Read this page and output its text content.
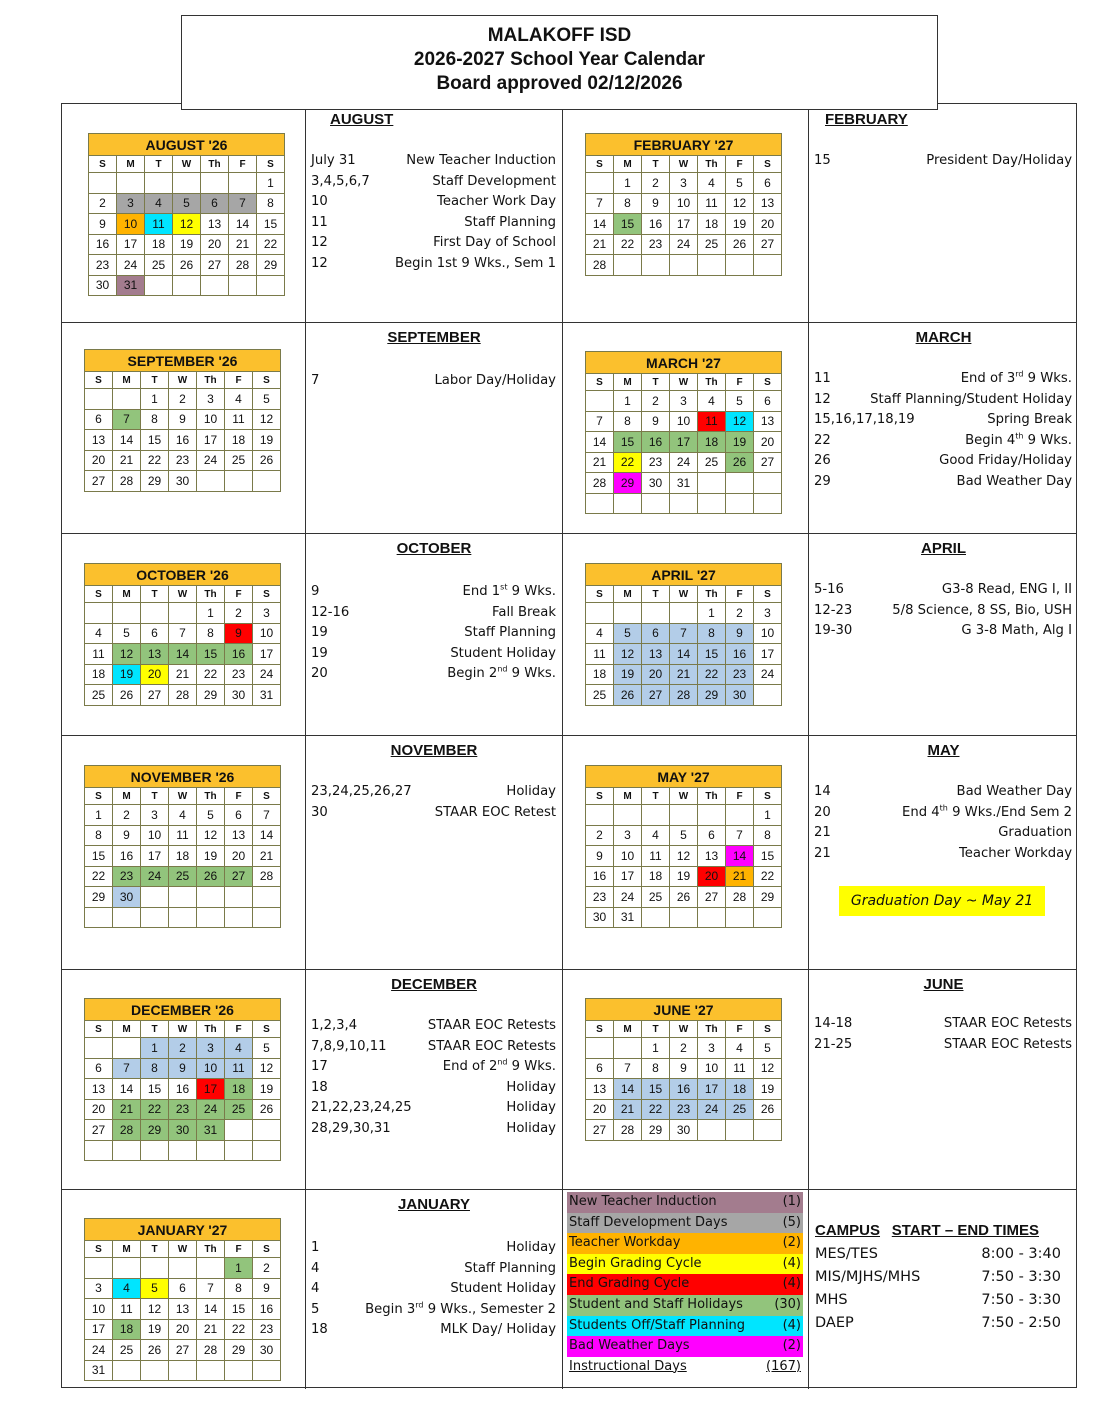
MALAKOFF ISD
2026-2027 School Year Calendar
Board approved 02/12/2026
AUGUST '26						
S	M	T	W	Th	F	S
						1
2	3	4	5	6	7	8
9	10	11	12	13	14	15
16	17	18	19	20	21	22
23	24	25	26	27	28	29
30	31					
AUGUST
July 31	New Teacher Induction
3,4,5,6,7	Staff Development
10	Teacher Work Day
11	Staff Planning
12	First Day of School
12	Begin 1st 9 Wks., Sem 1
FEBRUARY '27						
S	M	T	W	Th	F	S
	1	2	3	4	5	6
7	8	9	10	11	12	13
14	15	16	17	18	19	20
21	22	23	24	25	26	27
28						
FEBRUARY
15	President Day/Holiday
SEPTEMBER '26						
S	M	T	W	Th	F	S
		1	2	3	4	5
6	7	8	9	10	11	12
13	14	15	16	17	18	19
20	21	22	23	24	25	26
27	28	29	30			
SEPTEMBER
7	Labor Day/Holiday
MARCH '27						
S	M	T	W	Th	F	S
	1	2	3	4	5	6
7	8	9	10	11	12	13
14	15	16	17	18	19	20
21	22	23	24	25	26	27
28	29	30	31			

MARCH
11	End of 3rd 9 Wks.
12	Staff Planning/Student Holiday
15,16,17,18,19	Spring Break
22	Begin 4th 9 Wks.
26	Good Friday/Holiday
29	Bad Weather Day
OCTOBER '26						
S	M	T	W	Th	F	S
				1	2	3
4	5	6	7	8	9	10
11	12	13	14	15	16	17
18	19	20	21	22	23	24
25	26	27	28	29	30	31
OCTOBER
9	End 1st 9 Wks.
12-16	Fall Break
19	Staff Planning
19	Student Holiday
20	Begin 2nd 9 Wks.
APRIL '27						
S	M	T	W	Th	F	S
				1	2	3
4	5	6	7	8	9	10
11	12	13	14	15	16	17
18	19	20	21	22	23	24
25	26	27	28	29	30	
APRIL
5-16	G3-8 Read, ENG I, II
12-23	5/8 Science, 8 SS, Bio, USH
19-30	G 3-8 Math, Alg I
NOVEMBER '26						
S	M	T	W	Th	F	S
1	2	3	4	5	6	7
8	9	10	11	12	13	14
15	16	17	18	19	20	21
22	23	24	25	26	27	28
29	30					

NOVEMBER
23,24,25,26,27	Holiday
30	STAAR EOC Retest
MAY '27						
S	M	T	W	Th	F	S
						1
2	3	4	5	6	7	8
9	10	11	12	13	14	15
16	17	18	19	20	21	22
23	24	25	26	27	28	29
30	31					
MAY
14	Bad Weather Day
20	End 4th 9 Wks./End Sem 2
21	Graduation
21	Teacher Workday
Graduation Day ~ May 21
DECEMBER '26						
S	M	T	W	Th	F	S
		1	2	3	4	5
6	7	8	9	10	11	12
13	14	15	16	17	18	19
20	21	22	23	24	25	26
27	28	29	30	31		

DECEMBER
1,2,3,4	STAAR EOC Retests
7,8,9,10,11	STAAR EOC Retests
17	End of 2nd 9 Wks.
18	Holiday
21,22,23,24,25	Holiday
28,29,30,31	Holiday
JUNE '27						
S	M	T	W	Th	F	S
		1	2	3	4	5
6	7	8	9	10	11	12
13	14	15	16	17	18	19
20	21	22	23	24	25	26
27	28	29	30			
JUNE
14-18	STAAR EOC Retests
21-25	STAAR EOC Retests
JANUARY '27						
S	M	T	W	Th	F	S
					1	2
3	4	5	6	7	8	9
10	11	12	13	14	15	16
17	18	19	20	21	22	23
24	25	26	27	28	29	30
31						
JANUARY
1	Holiday
4	Staff Planning
4	Student Holiday
5	Begin 3rd 9 Wks., Semester 2
18	MLK Day/ Holiday
New Teacher Induction	(1)
Staff Development Days	(5)
Teacher Workday	(2)
Begin Grading Cycle	(4)
End Grading Cycle	(4)
Student and Staff Holidays (30)
Students Off/Staff Planning	(4)
Bad Weather Days	(2)
Instructional Days	(167)
CAMPUS START – END TIMES
MES/TES	8:00 - 3:40
MIS/MJHS/MHS	7:50 - 3:30
MHS	7:50 - 3:30
DAEP	7:50 - 2:50
